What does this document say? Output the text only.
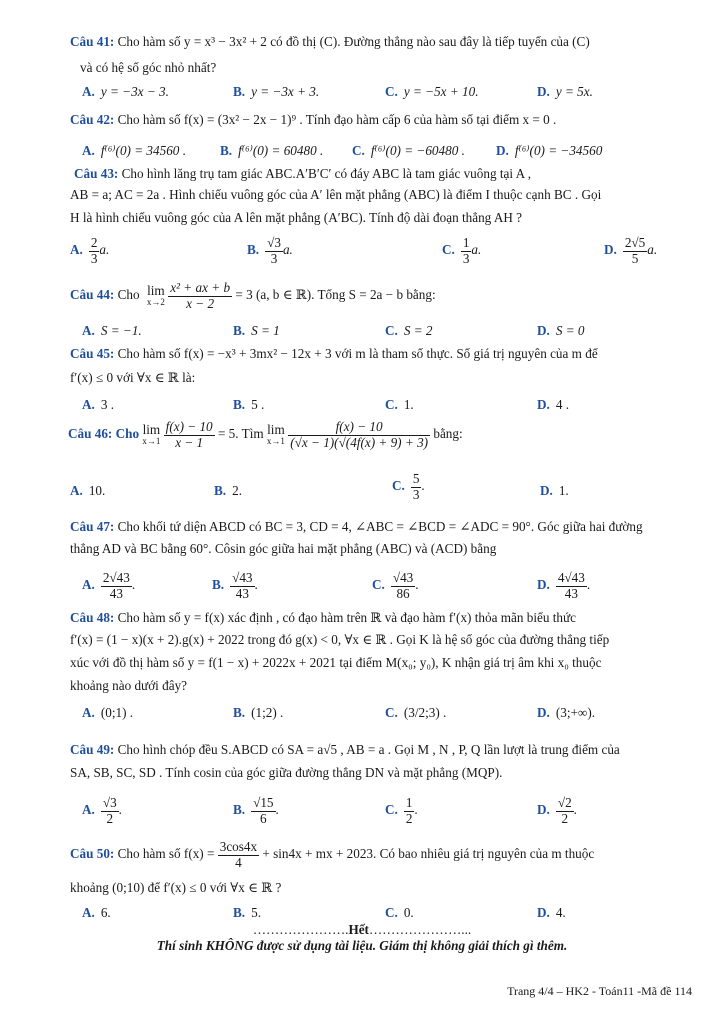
Câu 41: Cho hàm số y = x³ − 3x² + 2 có đồ thị (C). Đường thẳng nào sau đây là tiếp tuyến của (C)
và có hệ số góc nhỏ nhất?
A. y = −3x − 3.	B. y = −3x + 3.	C. y = −5x + 10.	D. y = 5x.
Câu 42: Cho hàm số f(x) = (3x² − 2x − 1)⁹ . Tính đạo hàm cấp 6 của hàm số tại điểm x = 0 .
A. f⁽⁶⁾(0) = 34560 .	B. f⁽⁶⁾(0) = 60480 . C. f⁽⁶⁾(0) = −60480 . D. f⁽⁶⁾(0) = −34560
Câu 43: Cho hình lăng trụ tam giác ABC.A′B′C′ có đáy ABC là tam giác vuông tại A ,
AB = a; AC = 2a . Hình chiếu vuông góc của A′ lên mặt phẳng (ABC) là điểm I thuộc cạnh BC . Gọi
H là hình chiếu vuông góc của A lên mặt phẳng (A′BC). Tính độ dài đoạn thẳng AH ?
A. $\frac{2}{3} a$.	B. $\frac{√3}{3} a$.	C. $\frac{1}{3} a$.	D. $\frac{2√5}{5} a$.
Câu 44: Cho lim
x→2
$\frac{\text{x² + ax + b}}{x - 2} = 3$ (a, b ∈ ℝ). Tổng S = 2a − b bằng:
A. S = −1.	B. S = 1	C. S = 2	D. S = 0
Câu 45: Cho hàm số f(x) = −x³ + 3mx² − 12x + 3 với m là tham số thực. Số giá trị nguyên của m để
f′(x) ≤ 0 với ∀x ∈ ℝ là:
A. 3 .	B. 5 .	C. 1.	D. 4 .
Câu 46: Cho lim
x→1
$\frac{f(x) - 10}{x - 1} = 5$. Tìm lim
x→1
$\frac{f(x) - 10}{(√x - 1)(√(4f(x) + 9) + 3)}$ bằng:
A. 10.	B. 2.	C. $\frac{5}{3}$ .	D. 1.
Câu 47: Cho khối tứ diện ABCD có BC = 3, CD = 4, ∠ABC = ∠BCD = ∠ADC = 90°. Góc giữa hai đường
thẳng AD và BC bằng 60°. Côsin góc giữa hai mặt phẳng (ABC) và (ACD) bằng
A. $\frac{2√43}{43}$ .	B. $\frac{√43}{43}$ .	C. $\frac{√43}{86}$ .	D. $\frac{4√43}{43}$ .
Câu 48: Cho hàm số y = f(x) xác định , có đạo hàm trên ℝ và đạo hàm f′(x) thỏa mãn biểu thức
f′(x) = (1 − x)(x + 2).g(x) + 2022 trong đó g(x) < 0, ∀x ∈ ℝ . Gọi K là hệ số góc của đường thẳng tiếp
xúc với đồ thị hàm số y = f(1 − x) + 2022x + 2021 tại điểm M(x₀; y₀), K nhận giá trị âm khi x₀ thuộc
khoảng nào dưới đây?
A. (0;1) .	B. (1;2) .	C. (3/2;3) .	D. (3;+∞).
Câu 49: Cho hình chóp đều S.ABCD có SA = a√5 , AB = a . Gọi M , N , P, Q lần lượt là trung điểm của
SA, SB, SC, SD . Tính cosin của góc giữa đường thẳng DN và mặt phẳng (MQP).
A. $\frac{√3}{2}$ .	B. $\frac{√15}{6}$ .	C. $\frac{1}{2}$ .	D. $\frac{√2}{2}$ .
Câu 50: Cho hàm số $f(x) = \frac{3\cos 4x}{4} + \sin 4x$ + mx + 2023. Có bao nhiêu giá trị nguyên của m thuộc
khoảng (0;10) để f′(x) ≤ 0 với ∀x ∈ ℝ ?
A. 6.	B. 5.	C. 0.	D. 4.
………………….Hết…………………...
Thí sinh KHÔNG được sử dụng tài liệu. Giám thị không giải thích gì thêm.
Trang 4/4 – HK2 - Toán11 -Mã đề 114
